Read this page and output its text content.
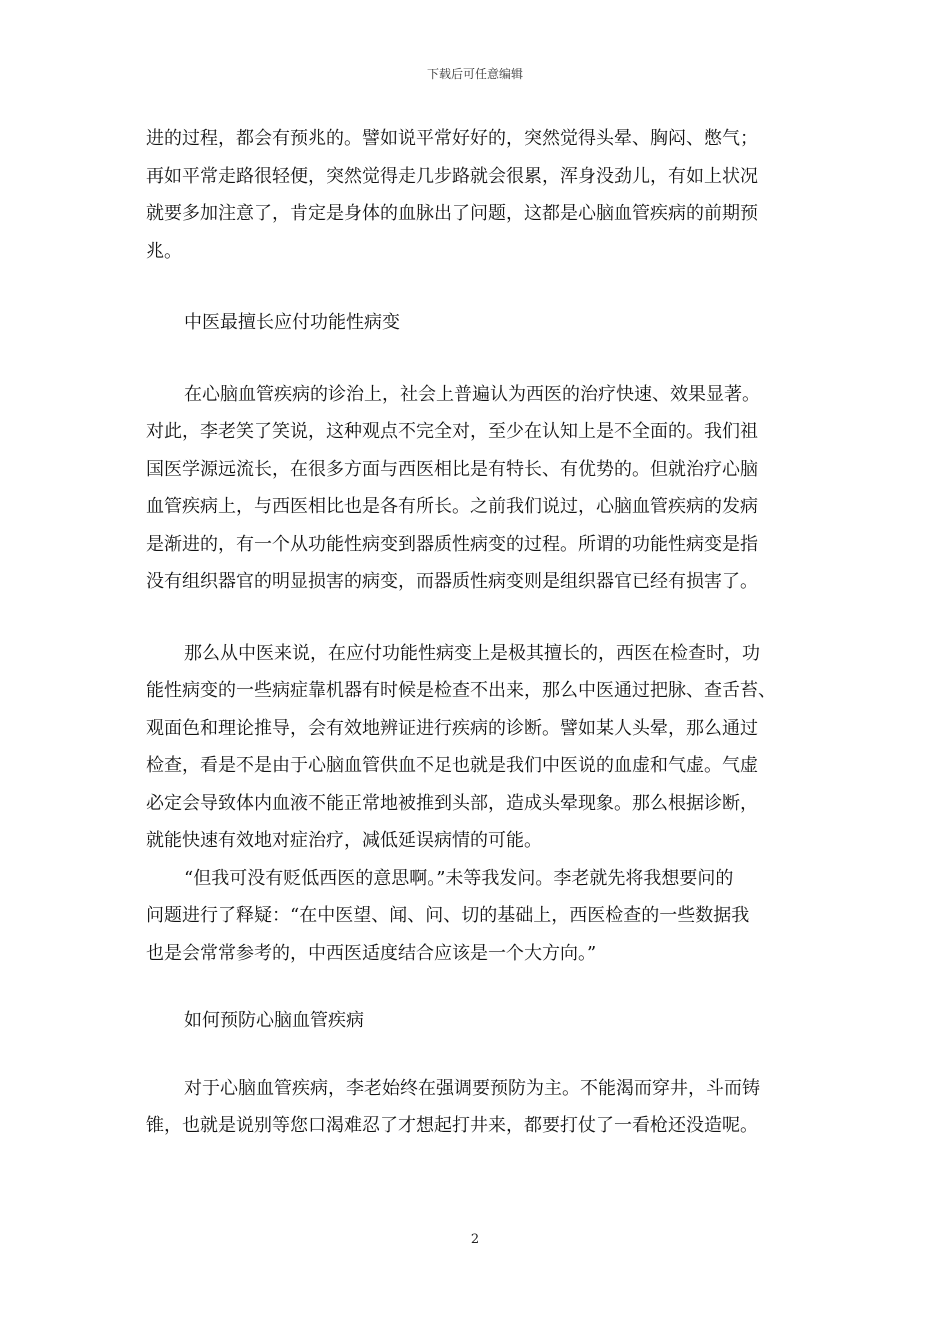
下载后可任意编辑

进的过程，都会有预兆的。譬如说平常好好的，突然觉得头晕、胸闷、憋气；
再如平常走路很轻便，突然觉得走几步路就会很累，浑身没劲儿，有如上状况
就要多加注意了，肯定是身体的血脉出了问题，这都是心脑血管疾病的前期预
兆。

中医最擅长应付功能性病变

在心脑血管疾病的诊治上，社会上普遍认为西医的治疗快速、效果显著。
对此，李老笑了笑说，这种观点不完全对，至少在认知上是不全面的。我们祖
国医学源远流长，在很多方面与西医相比是有特长、有优势的。但就治疗心脑
血管疾病上，与西医相比也是各有所长。之前我们说过，心脑血管疾病的发病
是渐进的，有一个从功能性病变到器质性病变的过程。所谓的功能性病变是指
没有组织器官的明显损害的病变，而器质性病变则是组织器官已经有损害了。

那么从中医来说，在应付功能性病变上是极其擅长的，西医在检查时，功
能性病变的一些病症靠机器有时候是检查不出来，那么中医通过把脉、查舌苔、
观面色和理论推导，会有效地辨证进行疾病的诊断。譬如某人头晕，那么通过
检查，看是不是由于心脑血管供血不足也就是我们中医说的血虚和气虚。气虚
必定会导致体内血液不能正常地被推到头部，造成头晕现象。那么根据诊断，
就能快速有效地对症治疗，减低延误病情的可能。

“但我可没有贬低西医的意思啊。”未等我发问。李老就先将我想要问的
问题进行了释疑：“在中医望、闻、问、切的基础上，西医检查的一些数据我
也是会常常参考的，中西医适度结合应该是一个大方向。”

如何预防心脑血管疾病

对于心脑血管疾病，李老始终在强调要预防为主。不能渴而穿井，斗而铸
锥，也就是说别等您口渴难忍了才想起打井来，都要打仗了一看枪还没造呢。

2
